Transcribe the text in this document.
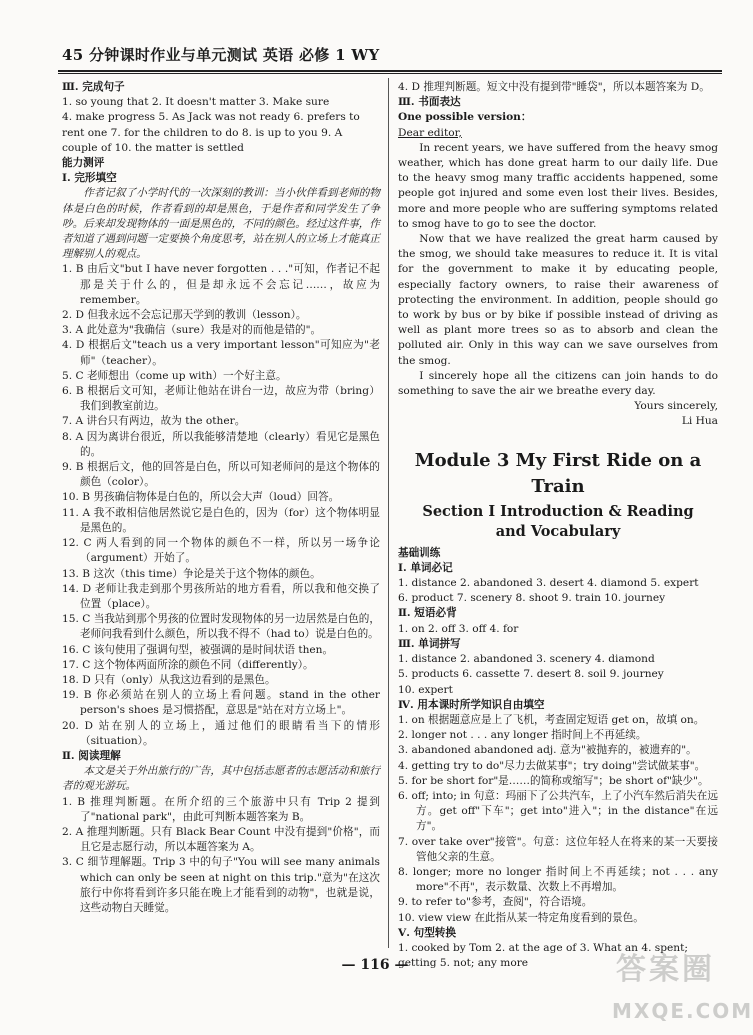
45 分钟课时作业与单元测试 英语 必修 1 WY

Ⅲ. 完成句子

1. so young that 2. It doesn't matter 3. Make sure

4. make progress 5. As Jack was not ready 6. prefers to

rent one 7. for the children to do 8. is up to you 9. A

couple of 10. the matter is settled

能力测评

Ⅰ. 完形填空

作者记叙了小学时代的一次深刻的教训：当小伙伴看到老师的物体是白色的时候，作者看到的却是黑色，于是作者和同学发生了争吵。后来却发现物体的一面是黑色的，不同的颜色。经过这件事，作者知道了遇到问题一定要换个角度思考，站在别人的立场上才能真正理解别人的观点。

1. B 由后文"but I have never forgotten . . ."可知，作者记不起那是关于什么的，但是却永远不会忘记……，故应为 remember。

2. D 但我永远不会忘记那天学到的教训（lesson）。

3. A 此处意为"我确信（sure）我是对的而他是错的"。

4. D 根据后文"teach us a very important lesson"可知应为"老师"（teacher）。

5. C 老师想出（come up with）一个好主意。

6. B 根据后文可知，老师让他站在讲台一边，故应为带（bring）我们到教室前边。

7. A 讲台只有两边，故为 the other。

8. A 因为离讲台很近，所以我能够清楚地（clearly）看见它是黑色的。

9. B 根据后文，他的回答是白色，所以可知老师问的是这个物体的颜色（color）。

10. B 男孩确信物体是白色的，所以会大声（loud）回答。

11. A 我不敢相信他居然说它是白色的，因为（for）这个物体明显是黑色的。

12. C 两人看到的同一个物体的颜色不一样，所以另一场争论（argument）开始了。

13. B 这次（this time）争论是关于这个物体的颜色。

14. D 老师让我走到那个男孩所站的地方看看，所以我和他交换了位置（place）。

15. C 当我站到那个男孩的位置时发现物体的另一边居然是白色的，老师问我看到什么颜色，所以我不得不（had to）说是白色的。

16. C 该句使用了强调句型，被强调的是时间状语 then。

17. C 这个物体两面所涂的颜色不同（differently）。

18. D 只有（only）从我这边看到的是黑色。

19. B 你必须站在别人的立场上看问题。stand in the other person's shoes 是习惯搭配，意思是"站在对方立场上"。

20. D 站在别人的立场上，通过他们的眼睛看当下的情形（situation）。

Ⅱ. 阅读理解

本文是关于外出旅行的广告，其中包括志愿者的志愿活动和旅行者的观光游玩。

1. B 推理判断题。在所介绍的三个旅游中只有 Trip 2 提到了"national park"，由此可判断本题答案为 B。

2. A 推理判断题。只有 Black Bear Count 中没有提到"价格"，而且它是志愿行动，所以本题答案为 A。

3. C 细节理解题。Trip 3 中的句子"You will see many animals which can only be seen at night on this trip."意为"在这次旅行中你将看到许多只能在晚上才能看到的动物"，也就是说，这些动物白天睡觉。

4. D 推理判断题。短文中没有提到带"睡袋"，所以本题答案为 D。

Ⅲ. 书面表达

One possible version：

Dear editor,

In recent years, we have suffered from the heavy smog weather, which has done great harm to our daily life. Due to the heavy smog many traffic accidents happened, some people got injured and some even lost their lives. Besides, more and more people who are suffering symptoms related to smog have to go to see the doctor.

Now that we have realized the great harm caused by the smog, we should take measures to reduce it. It is vital for the government to make it by educating people, especially factory owners, to raise their awareness of protecting the environment. In addition, people should go to work by bus or by bike if possible instead of driving as well as plant more trees so as to absorb and clean the polluted air. Only in this way can we save ourselves from the smog.

I sincerely hope all the citizens can join hands to do something to save the air we breathe every day.

Yours sincerely,

Li Hua

Module 3 My First Ride on a Train

Section Ⅰ Introduction & Reading

and Vocabulary

基础训练

Ⅰ. 单词必记

1. distance 2. abandoned 3. desert 4. diamond 5. expert

6. product 7. scenery 8. shoot 9. train 10. journey

Ⅱ. 短语必背

1. on 2. off 3. off 4. for

Ⅲ. 单词拼写

1. distance 2. abandoned 3. scenery 4. diamond

5. products 6. cassette 7. desert 8. soil 9. journey

10. expert

Ⅳ. 用本课时所学知识自由填空

1. on 根据题意应是上了飞机，考查固定短语 get on，故填 on。

2. longer not . . . any longer 指时间上不再延续。

3. abandoned abandoned adj. 意为"被抛弃的，被遗弃的"。

4. getting try to do"尽力去做某事"；try doing"尝试做某事"。

5. for be short for"是……的简称或缩写"；be short of"缺少"。

6. off; into; in 句意：玛丽下了公共汽车，上了小汽车然后消失在远方。get off"下车"；get into"进入"；in the distance"在远方"。

7. over take over"接管"。句意：这位年轻人在将来的某一天要接管他父亲的生意。

8. longer; more no longer 指时间上不再延续；not . . . any more"不再"，表示数量、次数上不再增加。

9. to refer to"参考，查阅"，符合语境。

10. view view 在此指从某一特定角度看到的景色。

Ⅴ. 句型转换

1. cooked by Tom 2. at the age of 3. What an 4. spent;

getting 5. not; any more

— 116 —	答案圈
MXQE.COM
